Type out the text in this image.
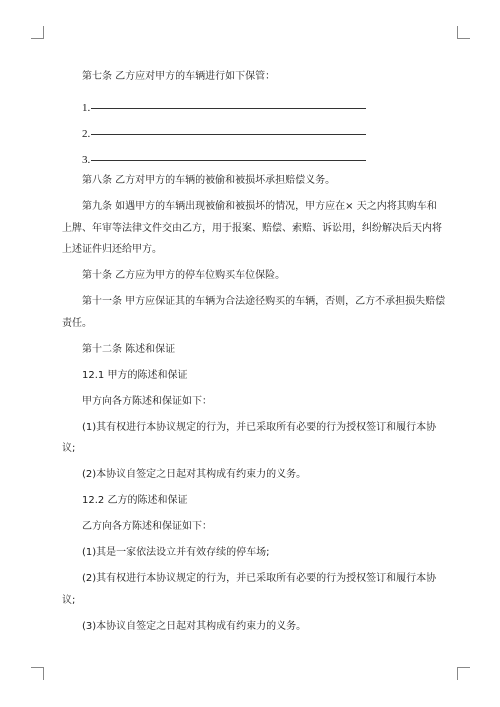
第七条 乙方应对甲方的车辆进行如下保管：

1.
2.
3.

第八条 乙方对甲方的车辆的被偷和被损坏承担赔偿义务。

第九条 如遇甲方的车辆出现被偷和被损坏的情况，甲方应在× 天之内将其购车和上牌、年审等法律文件交由乙方，用于报案、赔偿、索赔、诉讼用，纠纷解决后天内将上述证件归还给甲方。

第十条 乙方应为甲方的停车位购买车位保险。

第十一条 甲方应保证其的车辆为合法途径购买的车辆，否则，乙方不承担损失赔偿责任。

第十二条 陈述和保证

12.1 甲方的陈述和保证

甲方向各方陈述和保证如下：

(1)其有权进行本协议规定的行为，并已采取所有必要的行为授权签订和履行本协议;

(2)本协议自签定之日起对其构成有约束力的义务。

12.2 乙方的陈述和保证

乙方向各方陈述和保证如下：

(1)其是一家依法设立并有效存续的停车场;

(2)其有权进行本协议规定的行为，并已采取所有必要的行为授权签订和履行本协议;

(3)本协议自签定之日起对其构成有约束力的义务。
